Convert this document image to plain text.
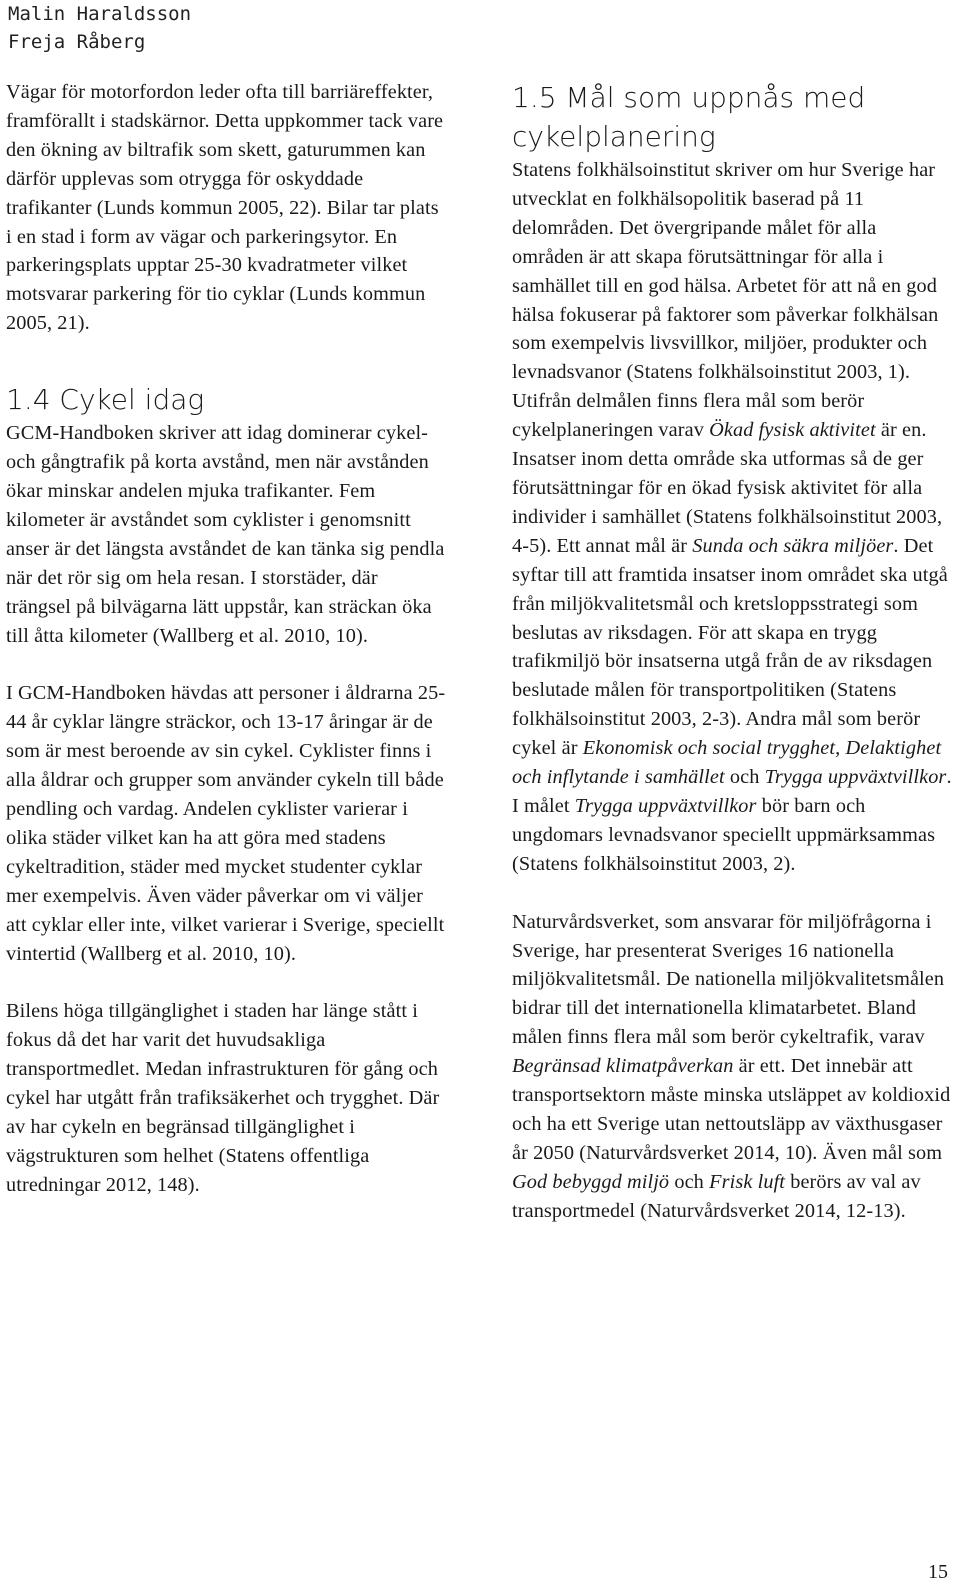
Malin Haraldsson
Freja Råberg

Vägar för motorfordon leder ofta till barriäreffekter, framförallt i stadskärnor. Detta uppkommer tack vare den ökning av biltrafik som skett, gaturummen kan därför upplevas som otrygga för oskyddade trafikanter (Lunds kommun 2005, 22). Bilar tar plats i en stad i form av vägar och parkeringsytor. En parkeringsplats upptar 25-30 kvadratmeter vilket motsvarar parkering för tio cyklar (Lunds kommun 2005, 21).

1.4 Cykel idag

GCM-Handboken skriver att idag dominerar cykel- och gångtrafik på korta avstånd, men när avstånden ökar minskar andelen mjuka trafikanter. Fem kilometer är avståndet som cyklister i genomsnitt anser är det längsta avståndet de kan tänka sig pendla när det rör sig om hela resan. I storstäder, där trängsel på bilvägarna lätt uppstår, kan sträckan öka till åtta kilometer (Wallberg et al. 2010, 10).

I GCM-Handboken hävdas att personer i åldrarna 25-44 år cyklar längre sträckor, och 13-17 åringar är de som är mest beroende av sin cykel. Cyklister finns i alla åldrar och grupper som använder cykeln till både pendling och vardag. Andelen cyklister varierar i olika städer vilket kan ha att göra med stadens cykeltradition, städer med mycket studenter cyklar mer exempelvis. Även väder påverkar om vi väljer att cyklar eller inte, vilket varierar i Sverige, speciellt vintertid (Wallberg et al. 2010, 10).

Bilens höga tillgänglighet i staden har länge stått i fokus då det har varit det huvudsakliga transportmedlet. Medan infrastrukturen för gång och cykel har utgått från trafiksäkerhet och trygghet. Där av har cykeln en begränsad tillgänglighet i vägstrukturen som helhet (Statens offentliga utredningar 2012, 148).

1.5 Mål som uppnås med cykelplanering

Statens folkhälsoinstitut skriver om hur Sverige har utvecklat en folkhälsopolitik baserad på 11 delområden. Det övergripande målet för alla områden är att skapa förutsättningar för alla i samhället till en god hälsa. Arbetet för att nå en god hälsa fokuserar på faktorer som påverkar folkhälsan som exempelvis livsvillkor, miljöer, produkter och levnadsvanor (Statens folkhälsoinstitut 2003, 1). Utifrån delmålen finns flera mål som berör cykelplaneringen varav Ökad fysisk aktivitet är en. Insatser inom detta område ska utformas så de ger förutsättningar för en ökad fysisk aktivitet för alla individer i samhället (Statens folkhälsoinstitut 2003, 4-5). Ett annat mål är Sunda och säkra miljöer. Det syftar till att framtida insatser inom området ska utgå från miljökvalitetsmål och kretsloppsstrategi som beslutas av riksdagen. För att skapa en trygg trafikmiljö bör insatserna utgå från de av riksdagen beslutade målen för transportpolitiken (Statens folkhälsoinstitut 2003, 2-3). Andra mål som berör cykel är Ekonomisk och social trygghet, Delaktighet och inflytande i samhället och Trygga uppväxtvillkor. I målet Trygga uppväxtvillkor bör barn och ungdomars levnadsvanor speciellt uppmärksammas (Statens folkhälsoinstitut 2003, 2).

Naturvårdsverket, som ansvarar för miljöfrågorna i Sverige, har presenterat Sveriges 16 nationella miljökvalitetsmål. De nationella miljökvalitetsmålen bidrar till det internationella klimatarbetet. Bland målen finns flera mål som berör cykeltrafik, varav Begränsad klimatpåverkan är ett. Det innebär att transportsektorn måste minska utsläppet av koldioxid och ha ett Sverige utan nettoutsläpp av växthusgaser år 2050 (Naturvårdsverket 2014, 10). Även mål som God bebyggd miljö och Frisk luft berörs av val av transportmedel (Naturvårdsverket 2014, 12-13).

15
